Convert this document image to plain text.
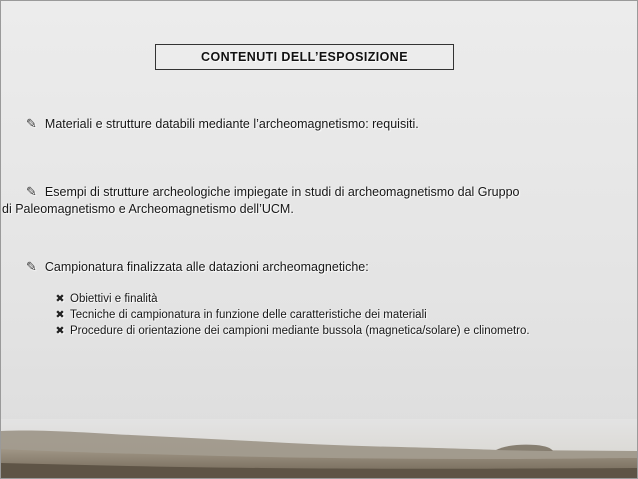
CONTENUTI DELL’ESPOSIZIONE
✎ Materiali e strutture databili mediante l’archeomagnetismo: requisiti.
✎ Esempi di strutture archeologiche impiegate in studi di archeomagnetismo dal Gruppo
di Paleomagnetismo e Archeomagnetismo dell’UCM.
✎ Campionatura finalizzata alle datazioni archeomagnetiche:
✖ Obiettivi e finalità
✖ Tecniche di campionatura in funzione delle caratteristiche dei materiali
✖ Procedure di orientazione dei campioni mediante bussola (magnetica/solare) e clinometro.
